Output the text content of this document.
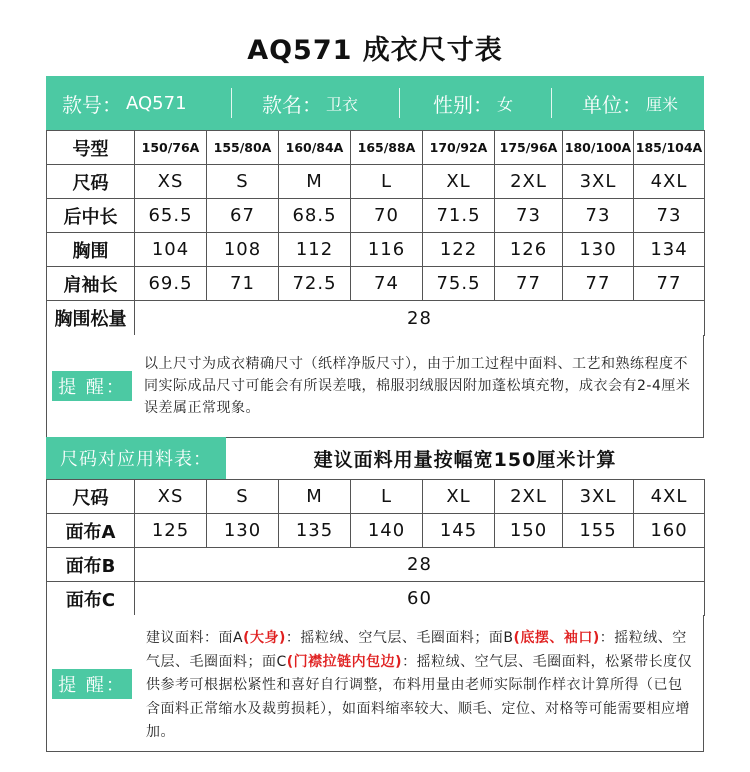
AQ571 成衣尺寸表
款号： AQ571	款名： 卫衣	性别： 女	单位： 厘米
号型	150/76A	155/80A	160/84A	165/88A	170/92A	175/96A	180/100A	185/104A
尺码	XS	S	M	L	XL	2XL	3XL	4XL
后中长	65.5	67	68.5	70	71.5	73	73	73
胸围	104	108	112	116	122	126	130	134
肩袖长	69.5	71	72.5	74	75.5	77	77	77
胸围松量	28							
提 醒：
以上尺寸为成衣精确尺寸（纸样净版尺寸），由于加工过程中面料、工艺和熟练程度不同实际成品尺寸可能会有所误差哦，棉服羽绒服因附加蓬松填充物，成衣会有2-4厘米误差属正常现象。
尺码对应用料表：	建议面料用量按幅宽150厘米计算
尺码	XS	S	M	L	XL	2XL	3XL	4XL
面布A	125	130	135	140	145	150	155	160
面布B	28							
面布C	60							
提 醒：
建议面料：面A(大身)：摇粒绒、空气层、毛圈面料；面B(底摆、袖口)：摇粒绒、空气层、毛圈面料；面C(门襟拉链内包边)：摇粒绒、空气层、毛圈面料，松紧带长度仅供参考可根据松紧性和喜好自行调整，布料用量由老师实际制作样衣计算所得（已包含面料正常缩水及裁剪损耗），如面料缩率较大、顺毛、定位、对格等可能需要相应增加。
